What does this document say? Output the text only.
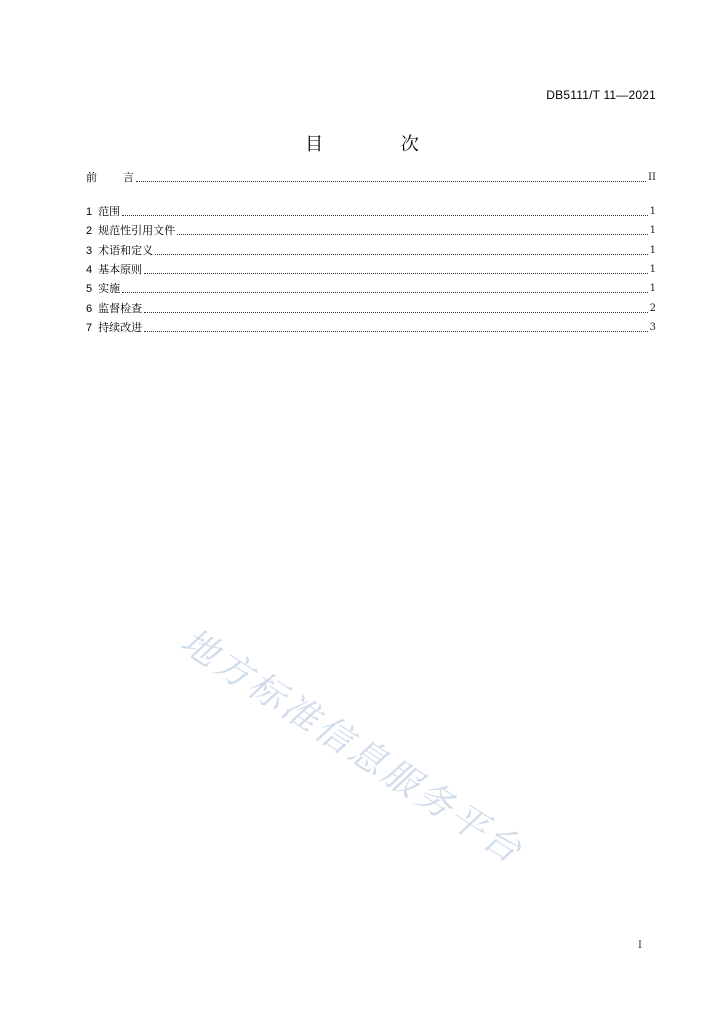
DB5111/T 11—2021
目 次
前言	II
1 范围	1
2 规范性引用文件	1
3 术语和定义	1
4 基本原则	1
5 实施	1
6 监督检查	2
7 持续改进	3
地方标准信息服务平台
I
